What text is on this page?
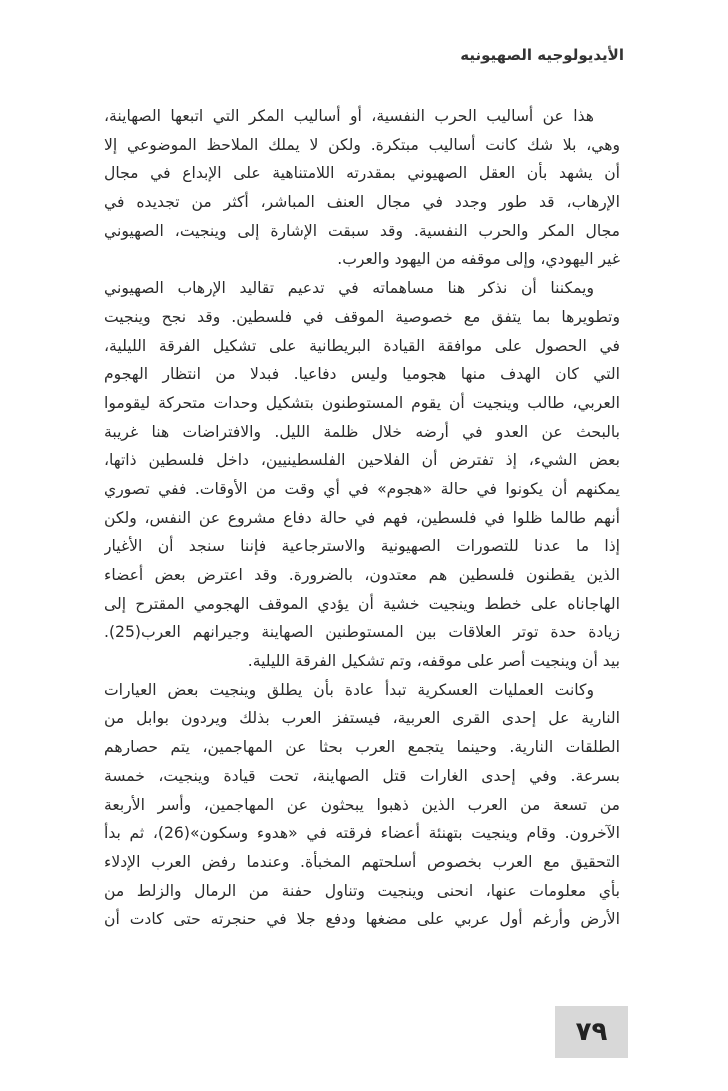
الأيديولوجيه الصهيونيه
هذا عن أساليب الحرب النفسية، أو أساليب المكر التي اتبعها الصهاينة،
وهي، بلا شك كانت أساليب مبتكرة. ولكن لا يملك الملاحظ الموضوعي إلا
أن يشهد بأن العقل الصهيوني بمقدرته اللامتناهية على الإبداع في مجال
الإرهاب، قد طور وجدد في مجال العنف المباشر، أكثر من تجديده في
مجال المكر والحرب النفسية. وقد سبقت الإشارة إلى وينجيت، الصهيوني
غير اليهودي، وإلى موقفه من اليهود والعرب.
ويمكننا أن نذكر هنا مساهماته في تدعيم تقاليد الإرهاب الصهيوني
وتطويرها بما يتفق مع خصوصية الموقف في فلسطين. وقد نجح وينجيت
في الحصول على موافقة القيادة البريطانية على تشكيل الفرقة الليلية،
التي كان الهدف منها هجوميا وليس دفاعيا. فبدلا من انتظار الهجوم
العربي، طالب وينجيت أن يقوم المستوطنون بتشكيل وحدات متحركة ليقوموا
بالبحث عن العدو في أرضه خلال ظلمة الليل. والافتراضات هنا غريبة
بعض الشيء، إذ تفترض أن الفلاحين الفلسطينيين، داخل فلسطين ذاتها،
يمكنهم أن يكونوا في حالة «هجوم» في أي وقت من الأوقات. ففي تصوري
أنهم طالما ظلوا في فلسطين، فهم في حالة دفاع مشروع عن النفس، ولكن
إذا ما عدنا للتصورات الصهيونية والاسترجاعية فإننا سنجد أن الأغيار
الذين يقطنون فلسطين هم معتدون، بالضرورة. وقد اعترض بعض أعضاء
الهاجاناه على خطط وينجيت خشية أن يؤدي الموقف الهجومي المقترح إلى
زيادة حدة توتر العلاقات بين المستوطنين الصهاينة وجيرانهم العرب(25).
بيد أن وينجيت أصر على موقفه، وتم تشكيل الفرقة الليلية.
وكانت العمليات العسكرية تبدأ عادة بأن يطلق وينجيت بعض العيارات
النارية عل إحدى القرى العربية، فيستفز العرب بذلك ويردون بوابل من
الطلقات النارية. وحينما يتجمع العرب بحثا عن المهاجمين، يتم حصارهم
بسرعة. وفي إحدى الغارات قتل الصهاينة، تحت قيادة وينجيت، خمسة
من تسعة من العرب الذين ذهبوا يبحثون عن المهاجمين، وأسر الأربعة
الآخرون. وقام وينجيت بتهنئة أعضاء فرقته في «هدوء وسكون»(26)، ثم بدأ
التحقيق مع العرب بخصوص أسلحتهم المخبأة. وعندما رفض العرب الإدلاء
بأي معلومات عنها، انحنى وينجيت وتناول حفنة من الرمال والزلط من
الأرض وأرغم أول عربي على مضغها ودفع جلا في حنجرته حتى كادت أن
٧٩
